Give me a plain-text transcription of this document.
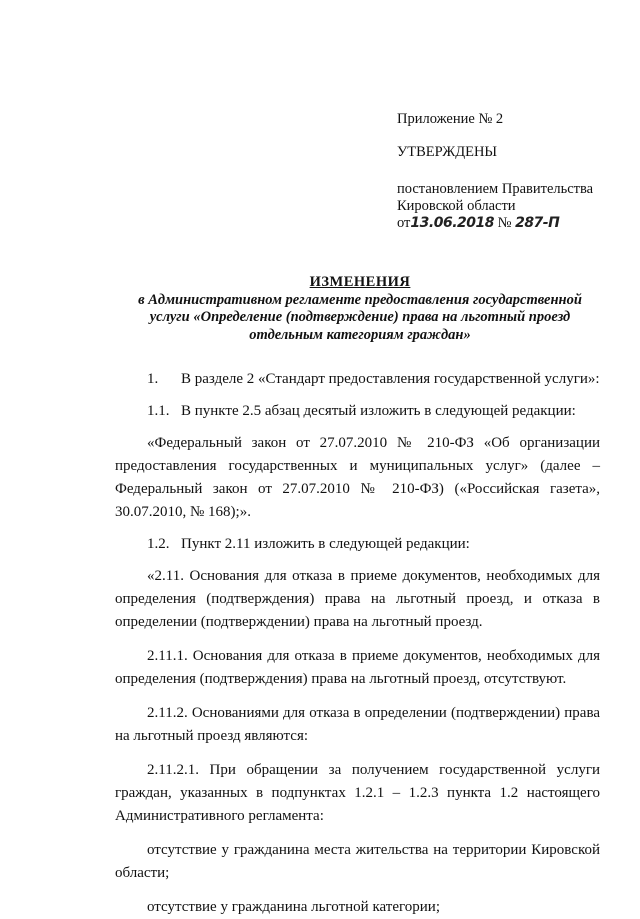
Приложение № 2
УТВЕРЖДЕНЫ
постановлением Правительства
Кировской области
от13.06.2018 № 287-П
ИЗМЕНЕНИЯ
в Административном регламенте предоставления государственной
услуги «Определение (подтверждение) права на льготный проезд
отдельным категориям граждан»

1. В разделе 2 «Стандарт предоставления государственной услуги»:

1.1. В пункте 2.5 абзац десятый изложить в следующей редакции:

«Федеральный закон от 27.07.2010 № 210-ФЗ «Об организации предоставления государственных и муниципальных услуг» (далее – Федеральный закон от 27.07.2010 № 210-ФЗ) («Российская газета», 30.07.2010, № 168);».

1.2. Пункт 2.11 изложить в следующей редакции:

«2.11. Основания для отказа в приеме документов, необходимых для определения (подтверждения) права на льготный проезд, и отказа в определении (подтверждении) права на льготный проезд.

2.11.1. Основания для отказа в приеме документов, необходимых для определения (подтверждения) права на льготный проезд, отсутствуют.

2.11.2. Основаниями для отказа в определении (подтверждении) права на льготный проезд являются:

2.11.2.1. При обращении за получением государственной услуги граждан, указанных в подпунктах 1.2.1 – 1.2.3 пункта 1.2 настоящего Административного регламента:

отсутствие у гражданина места жительства на территории Кировской области;

отсутствие у гражданина льготной категории;
